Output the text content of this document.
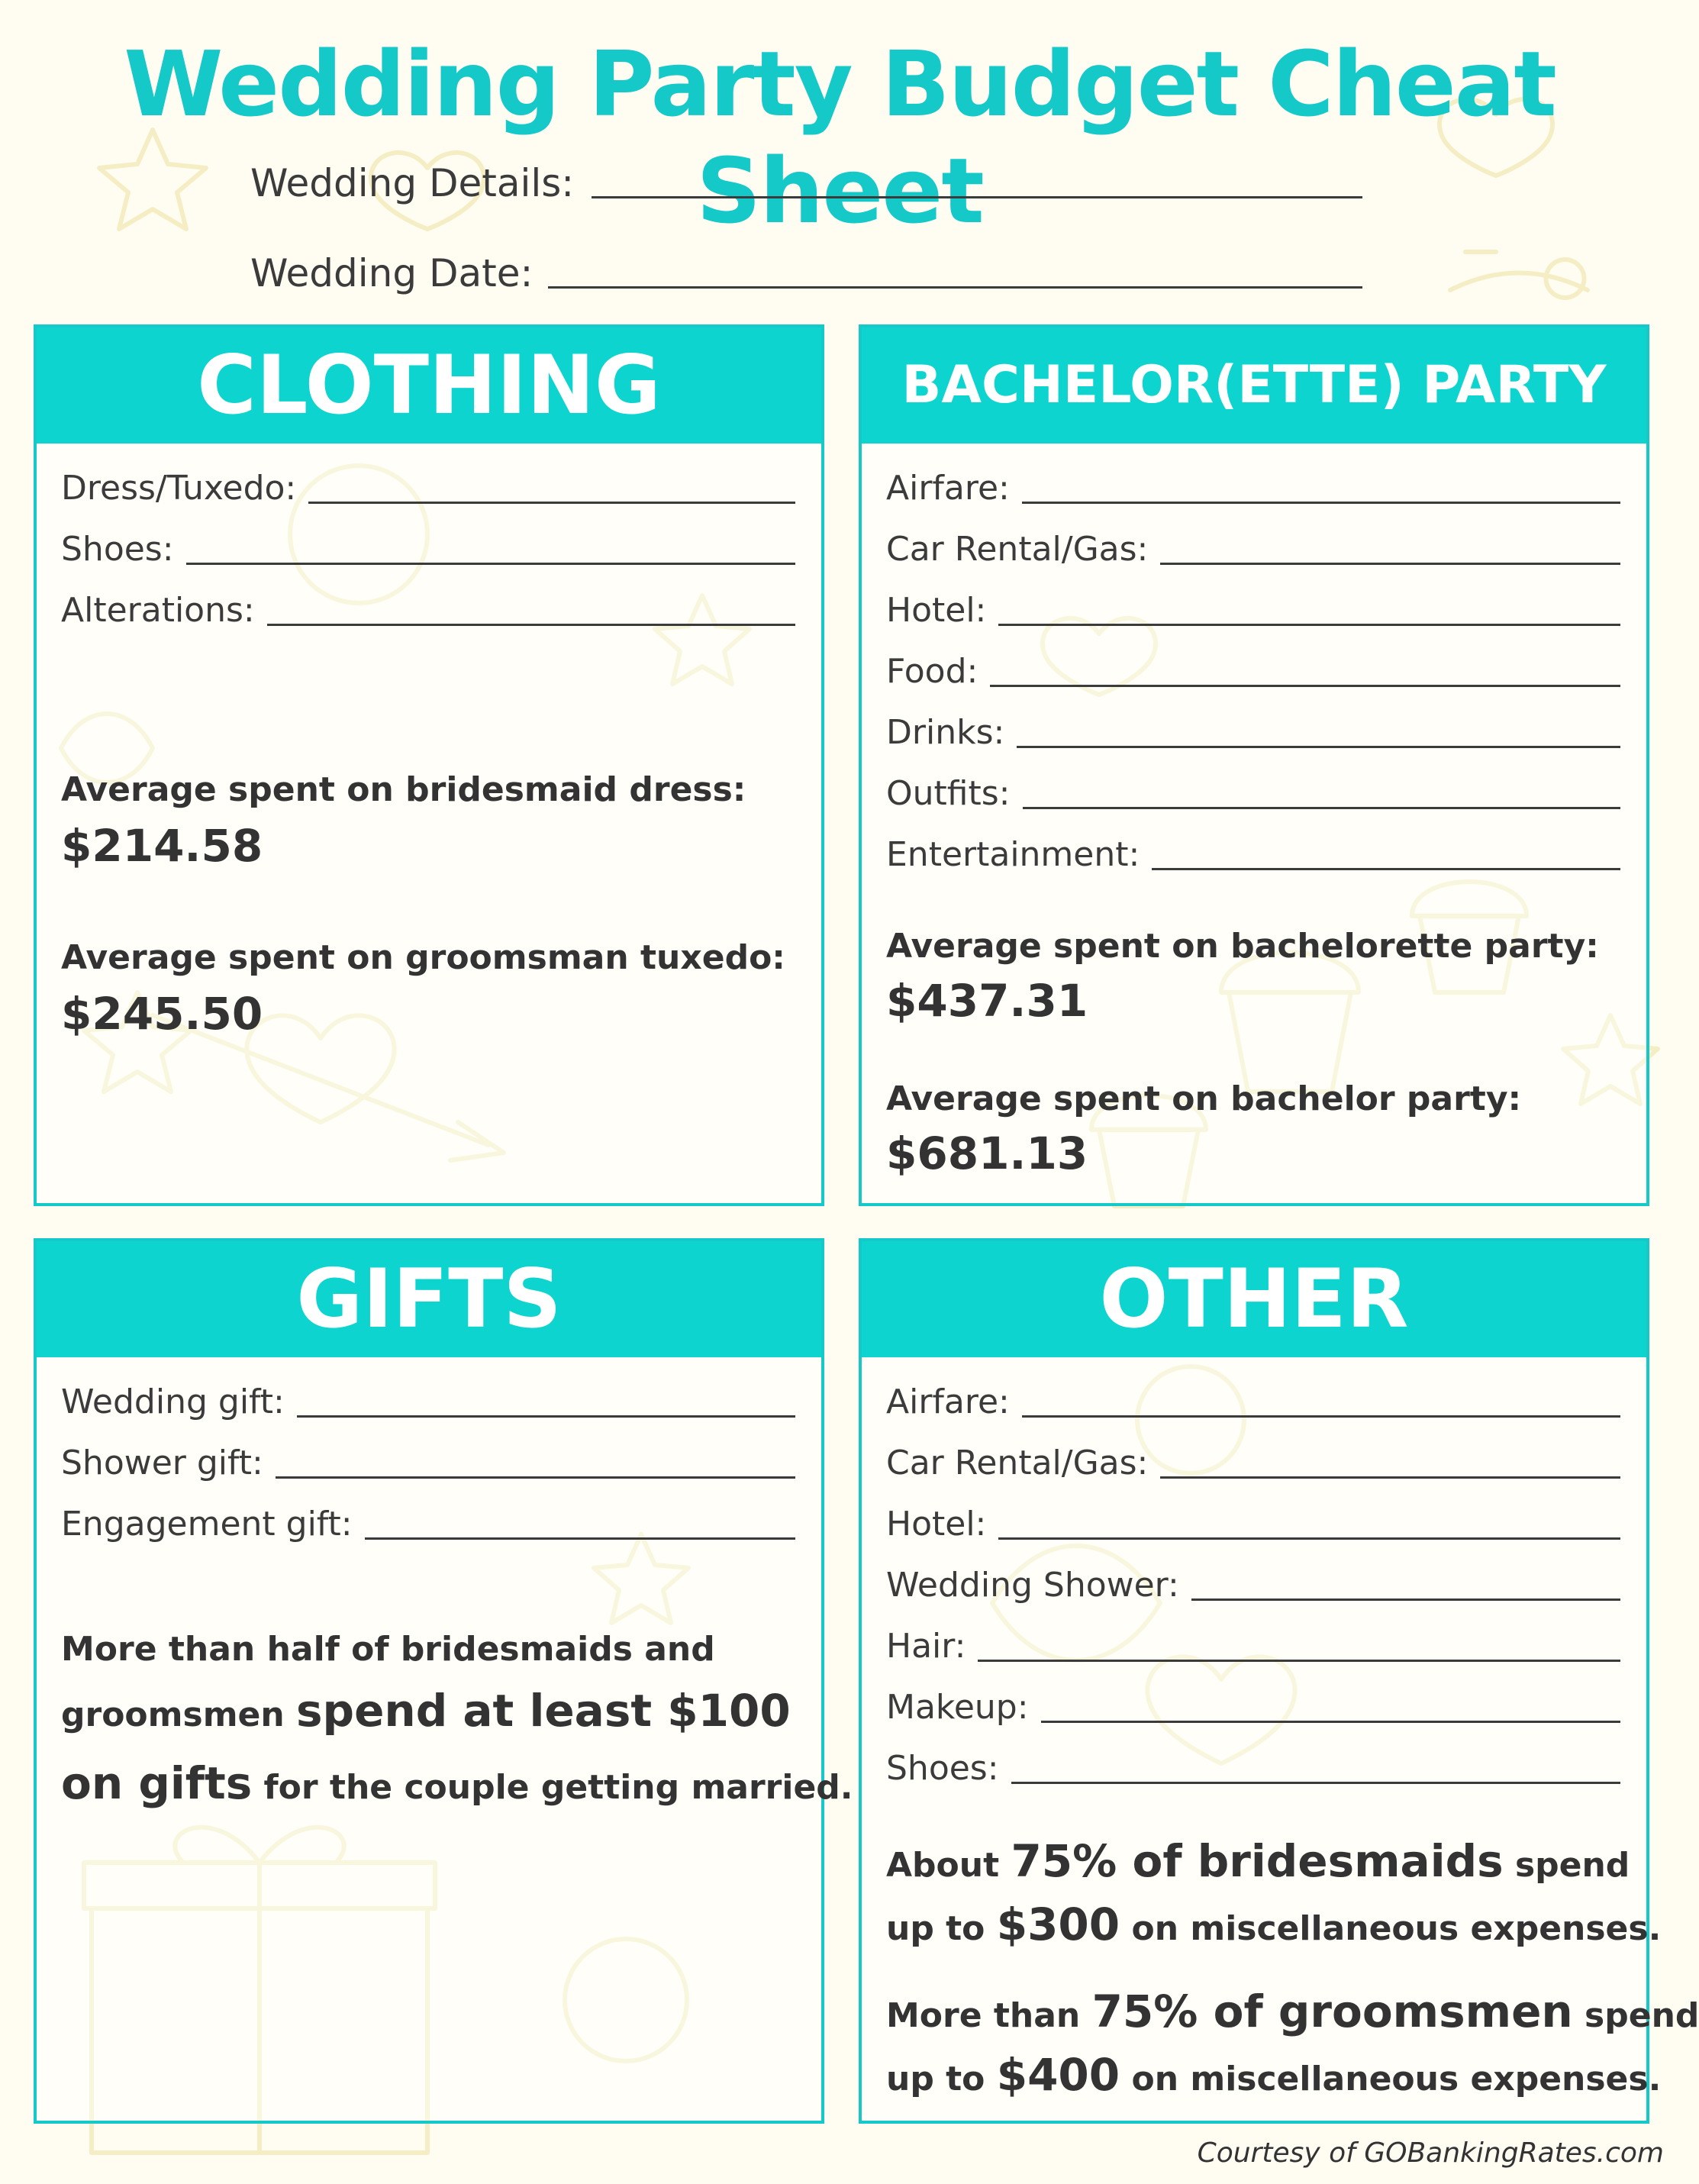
Wedding Party Budget Cheat Sheet
Wedding Details:
Wedding Date:
CLOTHING
Dress/Tuxedo:
Shoes:
Alterations:
Average spent on bridesmaid dress:
$214.58
Average spent on groomsman tuxedo:
$245.50
BACHELOR(ETTE) PARTY
Airfare:
Car Rental/Gas:
Hotel:
Food:
Drinks:
Outfits:
Entertainment:
Average spent on bachelorette party:
$437.31
Average spent on bachelor party:
$681.13
GIFTS
Wedding gift:
Shower gift:
Engagement gift:
More than half of bridesmaids and
groomsmen spend at least $100
on gifts for the couple getting married.
OTHER
Airfare:
Car Rental/Gas:
Hotel:
Wedding Shower:
Hair:
Makeup:
Shoes:
About 75% of bridesmaids spend
up to $300 on miscellaneous expenses.
More than 75% of groomsmen spend
up to $400 on miscellaneous expenses.
Courtesy of GOBankingRates.com
